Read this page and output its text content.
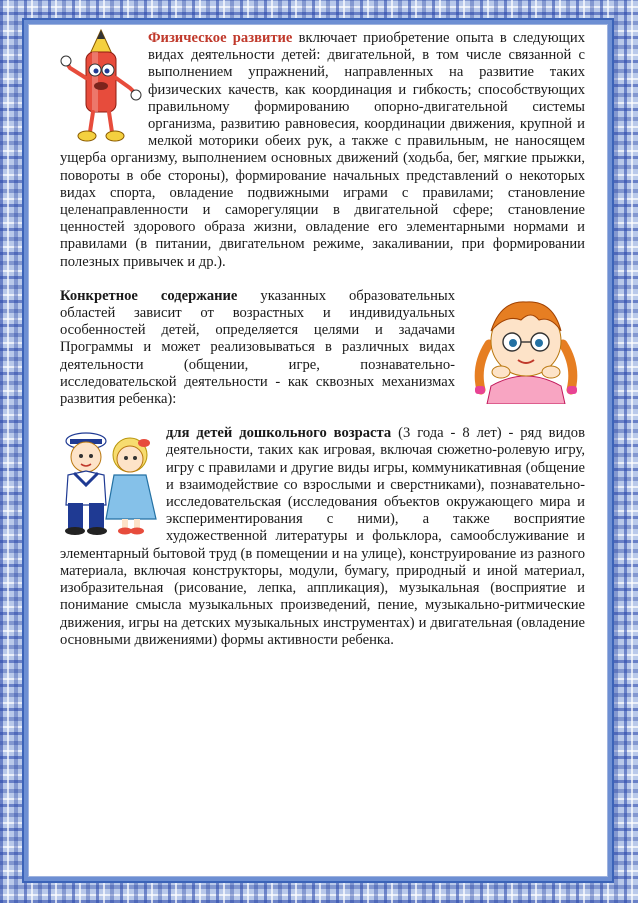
Физическое развитие включает приобретение опыта в следующих видах деятельности детей: двигательной, в том числе связанной с выполнением упражнений, направленных на развитие таких физических качеств, как координация и гибкость; способствующих правильному формированию опорно-двигательной системы организма, развитию равновесия, координации движения, крупной и мелкой моторики обеих рук, а также с правильным, не наносящем ущерба организму, выполнением основных движений (ходьба, бег, мягкие прыжки, повороты в обе стороны), формирование начальных представлений о некоторых видах спорта, овладение подвижными играми с правилами; становление целенаправленности и саморегуляции в двигательной сфере; становление ценностей здорового образа жизни, овладение его элементарными нормами и правилами (в питании, двигательном режиме, закаливании, при формировании полезных привычек и др.).

Конкретное содержание указанных образовательных областей зависит от возрастных и индивидуальных особенностей детей, определяется целями и задачами Программы и может реализовываться в различных видах деятельности (общении, игре, познавательно-исследовательской деятельности - как сквозных механизмах развития ребенка):

для детей дошкольного возраста (3 года - 8 лет) - ряд видов деятельности, таких как игровая, включая сюжетно-ролевую игру, игру с правилами и другие виды игры, коммуникативная (общение и взаимодействие со взрослыми и сверстниками), познавательно-исследовательская (исследования объектов окружающего мира и экспериментирования с ними), а также восприятие художественной литературы и фольклора, самообслуживание и элементарный бытовой труд (в помещении и на улице), конструирование из разного материала, включая конструкторы, модули, бумагу, природный и иной материал, изобразительная (рисование, лепка, аппликация), музыкальная (восприятие и понимание смысла музыкальных произведений, пение, музыкально-ритмические движения, игры на детских музыкальных инструментах) и двигательная (овладение основными движениями) формы активности ребенка.
